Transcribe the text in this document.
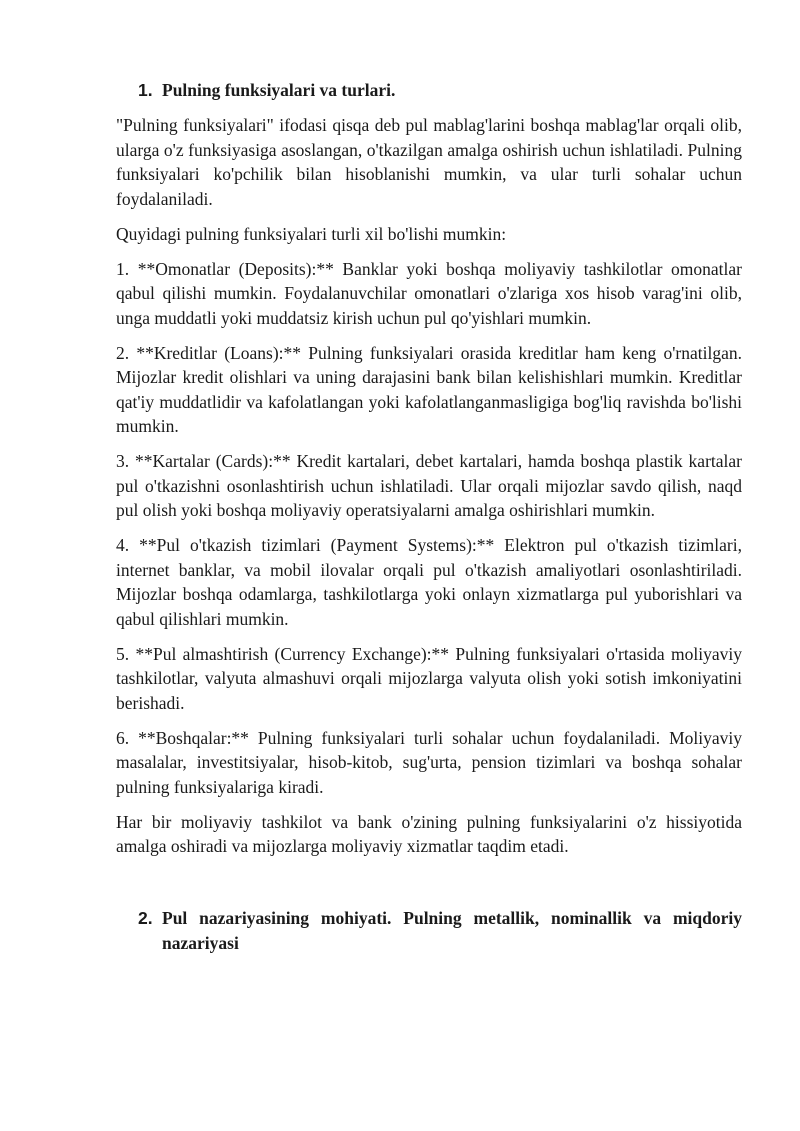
1. Pulning funksiyalari va turlari.

"Pulning funksiyalari" ifodasi qisqa deb pul mablag'larini boshqa mablag'lar orqali olib, ularga o'z funksiyasiga asoslangan, o'tkazilgan amalga oshirish uchun ishlatiladi. Pulning funksiyalari ko'pchilik bilan hisoblanishi mumkin, va ular turli sohalar uchun foydalaniladi.

Quyidagi pulning funksiyalari turli xil bo'lishi mumkin:

1. **Omonatlar (Deposits):** Banklar yoki boshqa moliyaviy tashkilotlar omonatlar qabul qilishi mumkin. Foydalanuvchilar omonatlari o'zlariga xos hisob varag'ini olib, unga muddatli yoki muddatsiz kirish uchun pul qo'yishlari mumkin.

2. **Kreditlar (Loans):** Pulning funksiyalari orasida kreditlar ham keng o'rnatilgan. Mijozlar kredit olishlari va uning darajasini bank bilan kelishishlari mumkin. Kreditlar qat'iy muddatlidir va kafolatlangan yoki kafolatlanganmasligiga bog'liq ravishda bo'lishi mumkin.

3. **Kartalar (Cards):** Kredit kartalari, debet kartalari, hamda boshqa plastik kartalar pul o'tkazishni osonlashtirish uchun ishlatiladi. Ular orqali mijozlar savdo qilish, naqd pul olish yoki boshqa moliyaviy operatsiyalarni amalga oshirishlari mumkin.

4. **Pul o'tkazish tizimlari (Payment Systems):** Elektron pul o'tkazish tizimlari, internet banklar, va mobil ilovalar orqali pul o'tkazish amaliyotlari osonlashtiriladi. Mijozlar boshqa odamlarga, tashkilotlarga yoki onlayn xizmatlarga pul yuborishlari va qabul qilishlari mumkin.

5. **Pul almashtirish (Currency Exchange):** Pulning funksiyalari o'rtasida moliyaviy tashkilotlar, valyuta almashuvi orqali mijozlarga valyuta olish yoki sotish imkoniyatini berishadi.

6. **Boshqalar:** Pulning funksiyalari turli sohalar uchun foydalaniladi. Moliyaviy masalalar, investitsiyalar, hisob-kitob, sug'urta, pension tizimlari va boshqa sohalar pulning funksiyalariga kiradi.

Har bir moliyaviy tashkilot va bank o'zining pulning funksiyalarini o'z hissiyotida amalga oshiradi va mijozlarga moliyaviy xizmatlar taqdim etadi.

2. Pul nazariyasining mohiyati. Pulning metallik, nominallik va miqdoriy nazariyasi
